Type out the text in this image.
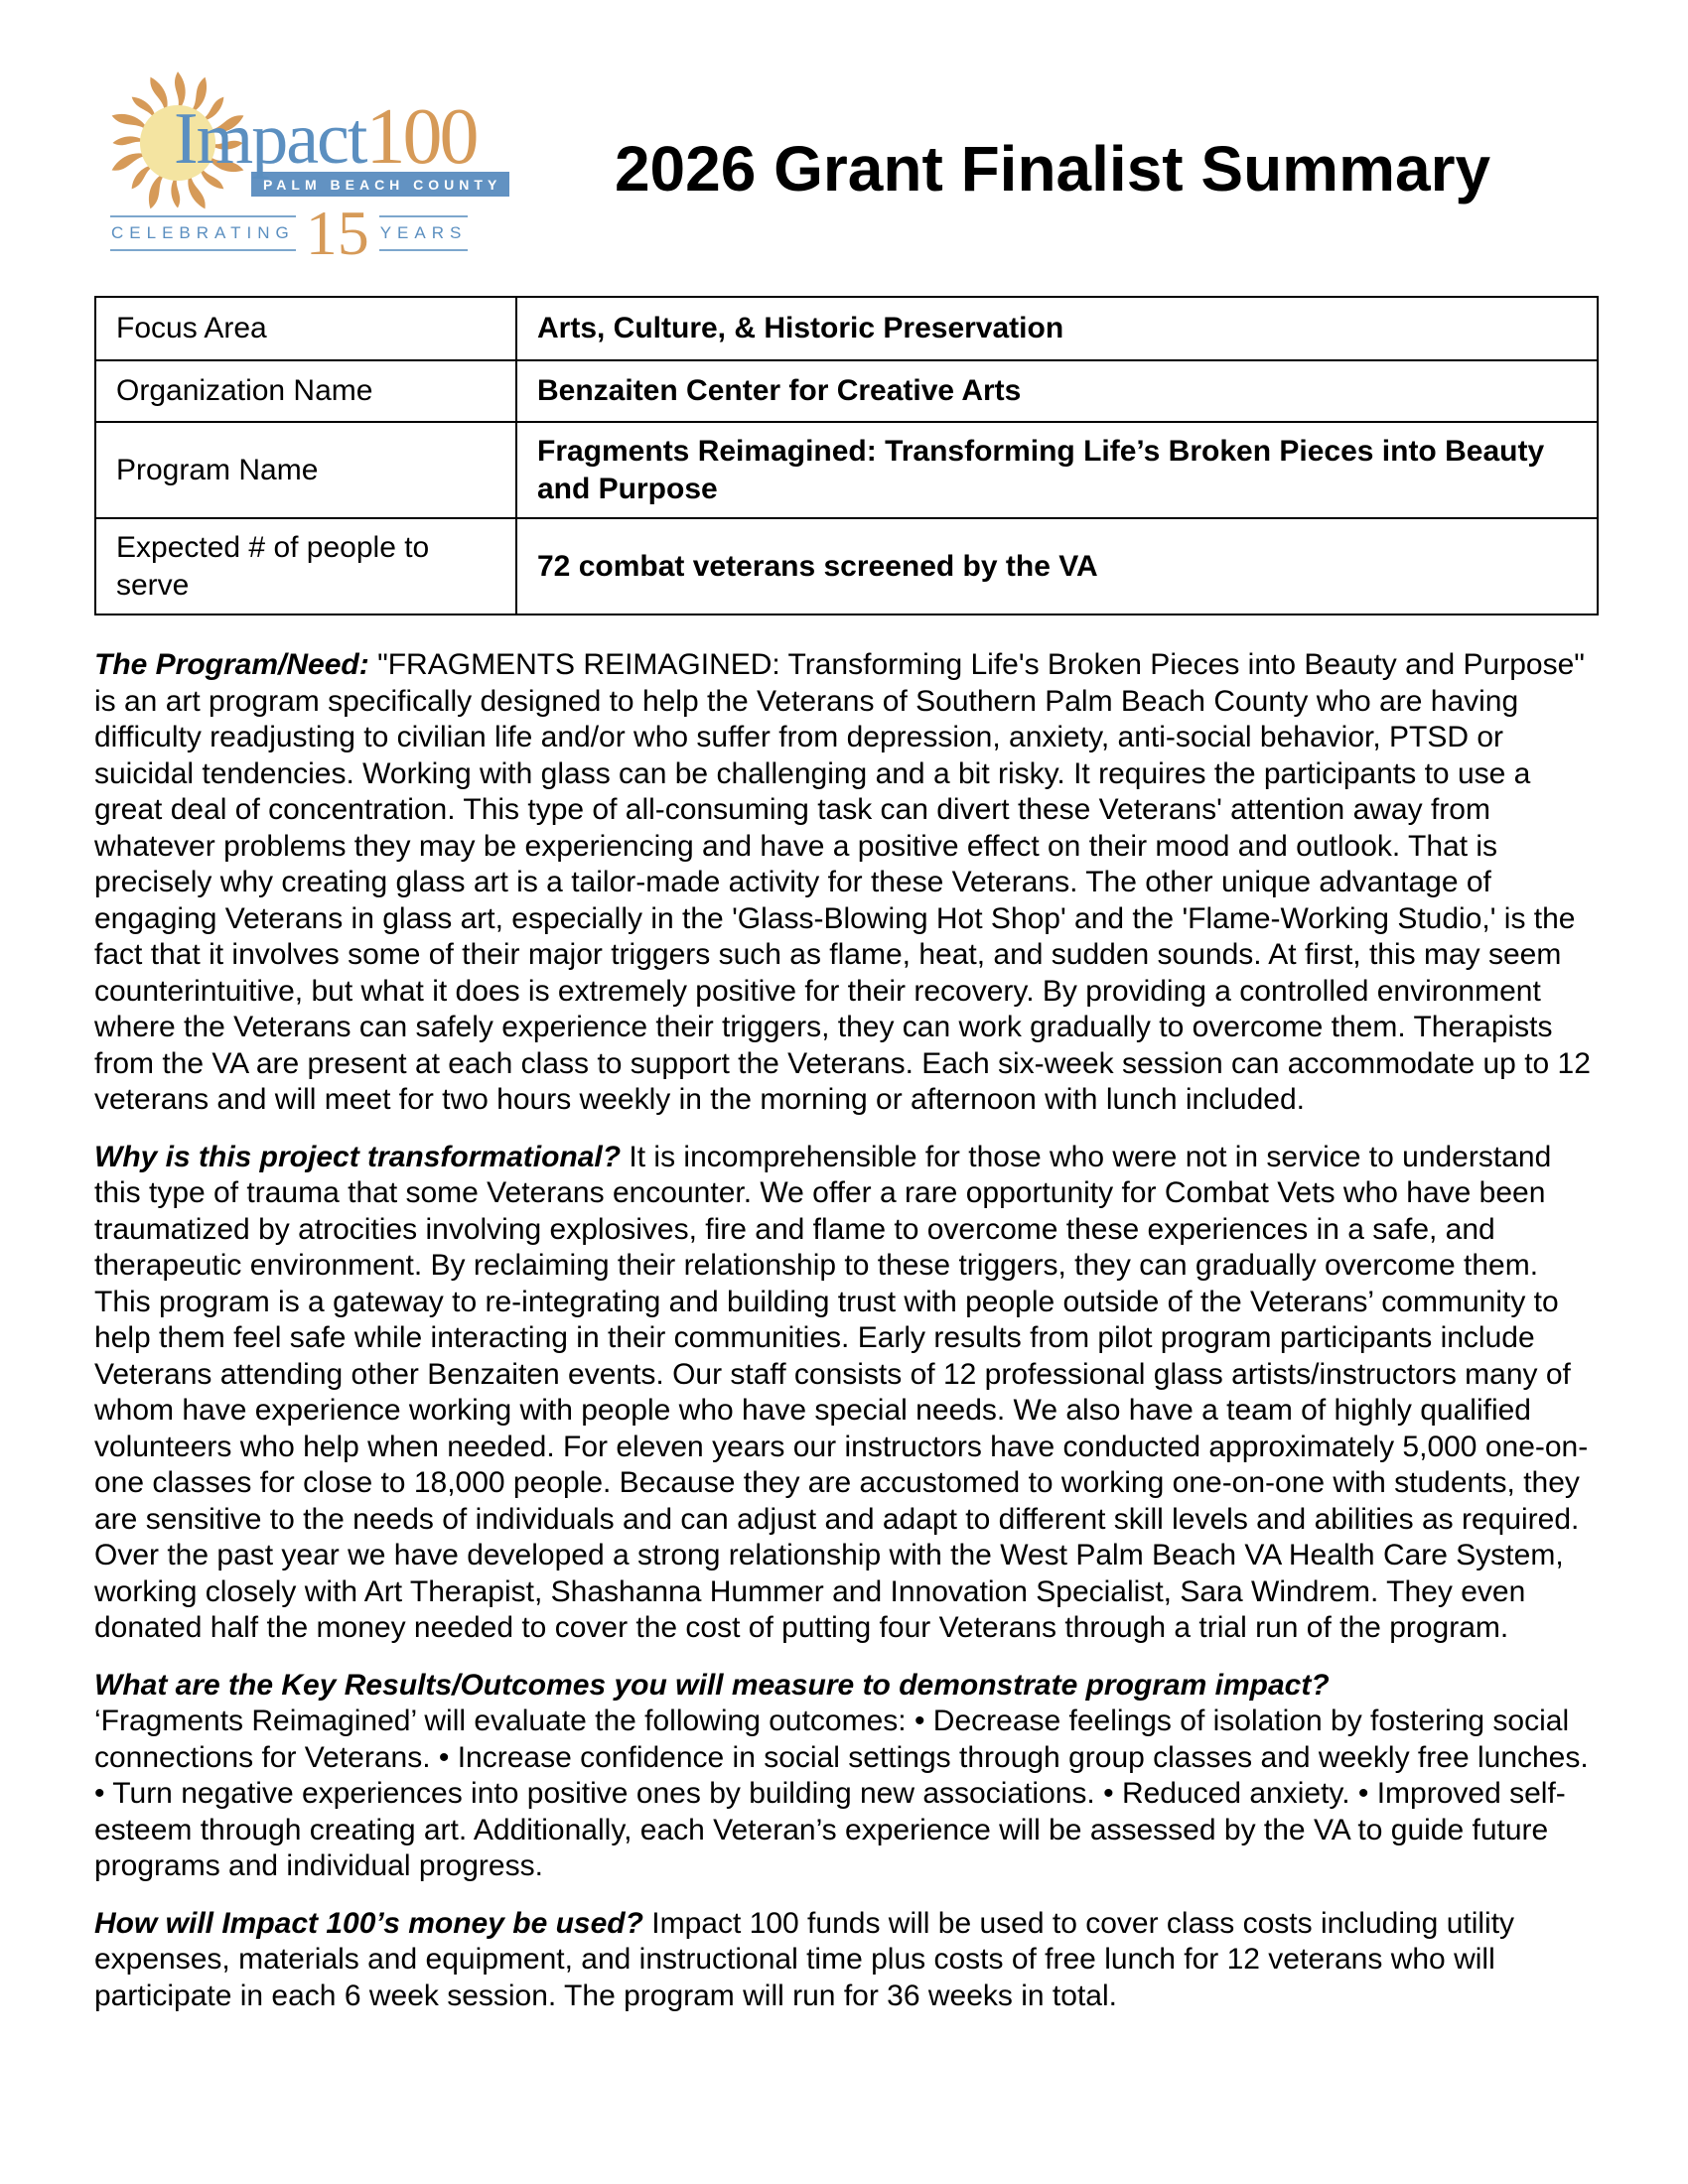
Impact100
PALM BEACH COUNTY
CELEBRATING 15 YEARS
2026 Grant Finalist Summary
Focus Area	Arts, Culture, & Historic Preservation
Organization Name	Benzaiten Center for Creative Arts
Program Name	Fragments Reimagined: Transforming Life’s Broken Pieces into Beauty and Purpose
Expected # of people to serve	72 combat veterans screened by the VA

The Program/Need: "FRAGMENTS REIMAGINED: Transforming Life's Broken Pieces into Beauty and Purpose" is an art program specifically designed to help the Veterans of Southern Palm Beach County who are having difficulty readjusting to civilian life and/or who suffer from depression, anxiety, anti-social behavior, PTSD or suicidal tendencies. Working with glass can be challenging and a bit risky. It requires the participants to use a great deal of concentration. This type of all-consuming task can divert these Veterans' attention away from whatever problems they may be experiencing and have a positive effect on their mood and outlook. That is precisely why creating glass art is a tailor-made activity for these Veterans. The other unique advantage of engaging Veterans in glass art, especially in the 'Glass-Blowing Hot Shop' and the 'Flame-Working Studio,' is the fact that it involves some of their major triggers such as flame, heat, and sudden sounds. At first, this may seem counterintuitive, but what it does is extremely positive for their recovery. By providing a controlled environment where the Veterans can safely experience their triggers, they can work gradually to overcome them. Therapists from the VA are present at each class to support the Veterans. Each six-week session can accommodate up to 12 veterans and will meet for two hours weekly in the morning or afternoon with lunch included.

Why is this project transformational? It is incomprehensible for those who were not in service to understand this type of trauma that some Veterans encounter. We offer a rare opportunity for Combat Vets who have been traumatized by atrocities involving explosives, fire and flame to overcome these experiences in a safe, and therapeutic environment. By reclaiming their relationship to these triggers, they can gradually overcome them. This program is a gateway to re-integrating and building trust with people outside of the Veterans’ community to help them feel safe while interacting in their communities. Early results from pilot program participants include Veterans attending other Benzaiten events. Our staff consists of 12 professional glass artists/instructors many of whom have experience working with people who have special needs. We also have a team of highly qualified volunteers who help when needed. For eleven years our instructors have conducted approximately 5,000 one-on-one classes for close to 18,000 people. Because they are accustomed to working one-on-one with students, they are sensitive to the needs of individuals and can adjust and adapt to different skill levels and abilities as required. Over the past year we have developed a strong relationship with the West Palm Beach VA Health Care System, working closely with Art Therapist, Shashanna Hummer and Innovation Specialist, Sara Windrem. They even donated half the money needed to cover the cost of putting four Veterans through a trial run of the program.

What are the Key Results/Outcomes you will measure to demonstrate program impact?
‘Fragments Reimagined’ will evaluate the following outcomes: • Decrease feelings of isolation by fostering social connections for Veterans. • Increase confidence in social settings through group classes and weekly free lunches. • Turn negative experiences into positive ones by building new associations. • Reduced anxiety. • Improved self-esteem through creating art. Additionally, each Veteran’s experience will be assessed by the VA to guide future programs and individual progress.

How will Impact 100’s money be used? Impact 100 funds will be used to cover class costs including utility expenses, materials and equipment, and instructional time plus costs of free lunch for 12 veterans who will participate in each 6 week session. The program will run for 36 weeks in total.
